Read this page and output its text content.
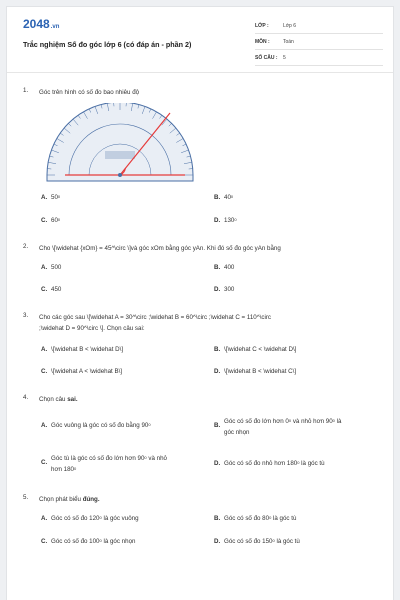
2048.vn
Trắc nghiệm Số đo góc lớp 6 (có đáp án - phần 2)
LỚP :	Lớp 6
MÔN :	Toán
SỐ CÂU :	5
1. Góc trên hình có số đo bao nhiêu độ
A. $50^0$	B. $40^0$
C. $60^0$	D. $130^0$
2. Cho \[\widehat {xOm} = 45^\circ \]và góc xOm bằng góc yAn. Khi đó số đo góc yAn bằng
A. 500	B. 400
C. 450	D. 300
3. Cho các góc sau \[\widehat A = 30^\circ ;\widehat B = 60^\circ ;\widehat C = 110^\circ
;\widehat D = 90^\circ \]. Chọn câu sai:
A. \[\widehat B < \widehat D\]	B. \[\widehat C < \widehat D\]
C. \[\widehat A < \widehat B\]	D. \[\widehat B < \widehat C\]
4. Chọn câu sai.
A. Góc vuông là góc có số đo bằng $90^0$	B.
Góc có số đo lớn hơn $0^0$ và nhỏ hơn $90^0$ là
góc nhọn
C.
Góc tù là góc có số đo lớn hơn $90^0$ và nhỏ
hơn $180^0$
D. Góc có số đo nhỏ hơn $180^0$ là góc tù
5. Chọn phát biểu đúng.
A. Góc có số đo $120^0$ là góc vuông	B. Góc có số đo $80^0$ là góc tù
C. Góc có số đo $100^0$ là góc nhọn	D. Góc có số đo $150^0$ là góc tù
